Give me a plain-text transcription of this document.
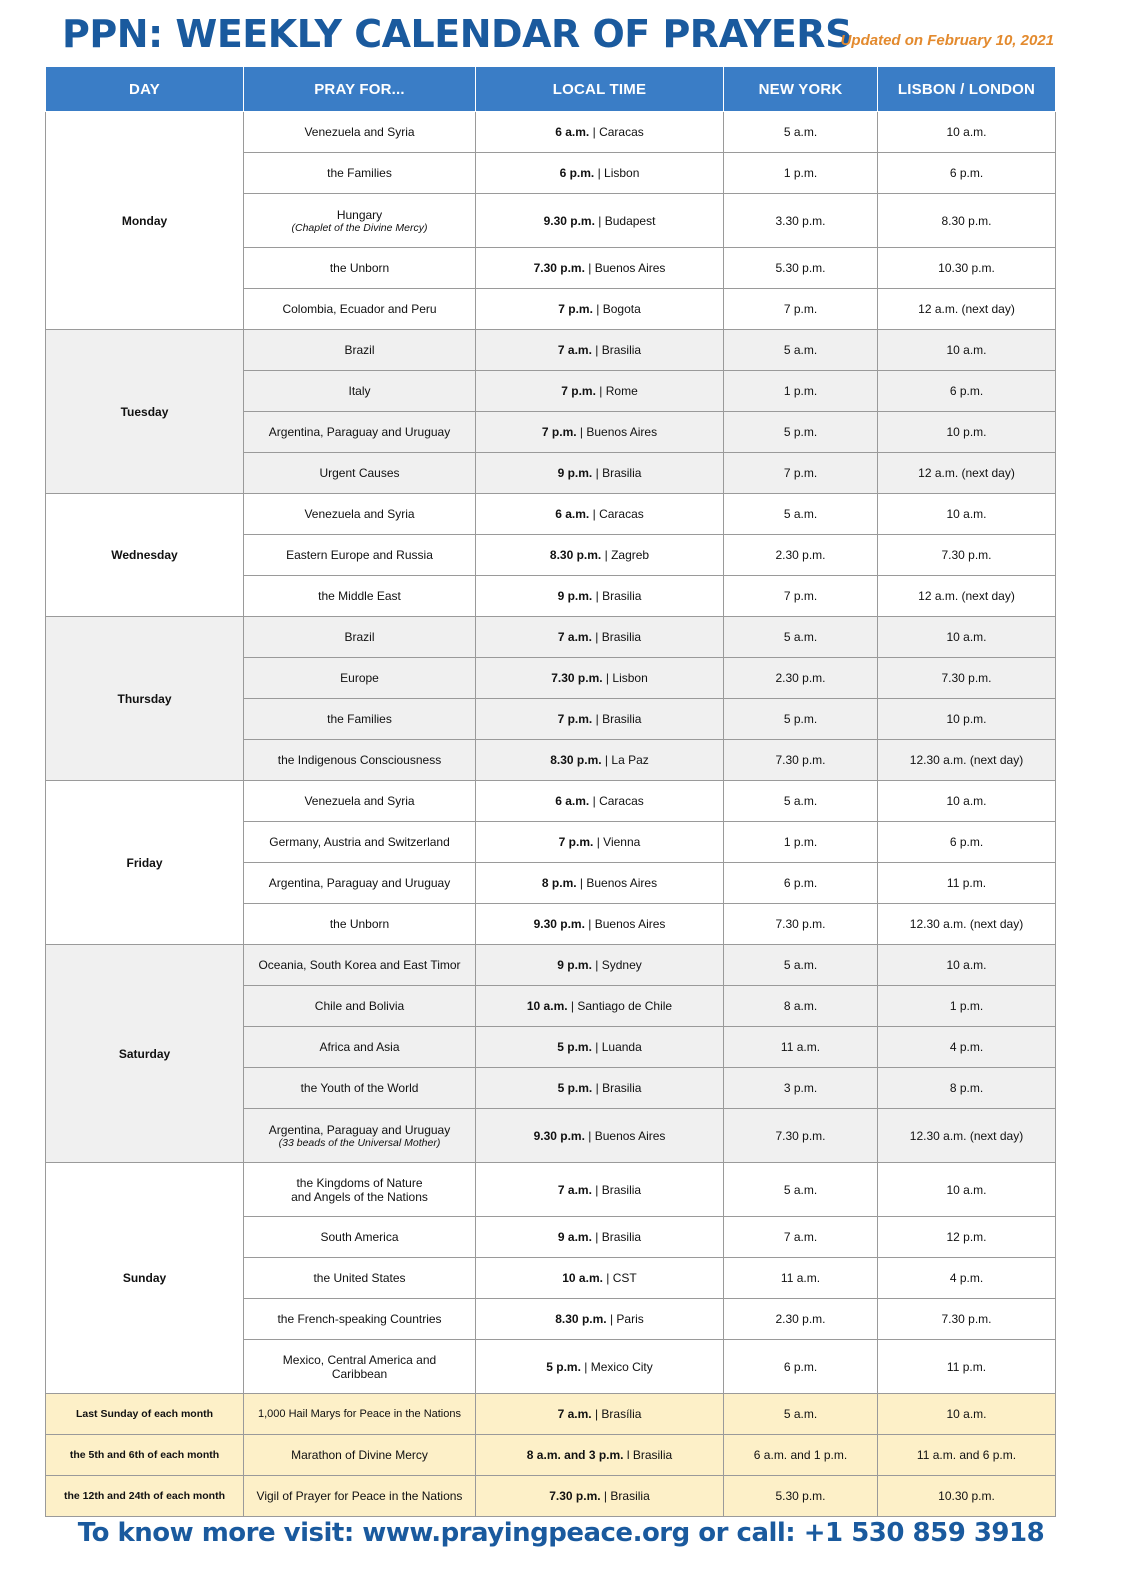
PPN: WEEKLY CALENDAR OF PRAYERS
Updated on February 10, 2021
DAY	PRAY FOR...	LOCAL TIME	NEW YORK	LISBON / LONDON
Monday	Venezuela and Syria	6 a.m. | Caracas	5 a.m.	10 a.m.
	the Families	6 p.m. | Lisbon	1 p.m.	6 p.m.
	Hungary
(Chaplet of the Divine Mercy)	9.30 p.m. | Budapest	3.30 p.m.	8.30 p.m.
	the Unborn	7.30 p.m. | Buenos Aires	5.30 p.m.	10.30 p.m.
	Colombia, Ecuador and Peru	7 p.m. | Bogota	7 p.m.	12 a.m. (next day)
Tuesday	Brazil	7 a.m. | Brasilia	5 a.m.	10 a.m.
	Italy	7 p.m. | Rome	1 p.m.	6 p.m.
	Argentina, Paraguay and Uruguay	7 p.m. | Buenos Aires	5 p.m.	10 p.m.
	Urgent Causes	9 p.m. | Brasilia	7 p.m.	12 a.m. (next day)
Wednesday	Venezuela and Syria	6 a.m. | Caracas	5 a.m.	10 a.m.
	Eastern Europe and Russia	8.30 p.m. | Zagreb	2.30 p.m.	7.30 p.m.
	the Middle East	9 p.m. | Brasilia	7 p.m.	12 a.m. (next day)
Thursday	Brazil	7 a.m. | Brasilia	5 a.m.	10 a.m.
	Europe	7.30 p.m. | Lisbon	2.30 p.m.	7.30 p.m.
	the Families	7 p.m. | Brasilia	5 p.m.	10 p.m.
	the Indigenous Consciousness	8.30 p.m. | La Paz	7.30 p.m.	12.30 a.m. (next day)
Friday	Venezuela and Syria	6 a.m. | Caracas	5 a.m.	10 a.m.
	Germany, Austria and Switzerland	7 p.m. | Vienna	1 p.m.	6 p.m.
	Argentina, Paraguay and Uruguay	8 p.m. | Buenos Aires	6 p.m.	11 p.m.
	the Unborn	9.30 p.m. | Buenos Aires	7.30 p.m.	12.30 a.m. (next day)
Saturday	Oceania, South Korea and East Timor	9 p.m. | Sydney	5 a.m.	10 a.m.
	Chile and Bolivia	10 a.m. | Santiago de Chile	8 a.m.	1 p.m.
	Africa and Asia	5 p.m. | Luanda	11 a.m.	4 p.m.
	the Youth of the World	5 p.m. | Brasilia	3 p.m.	8 p.m.
	Argentina, Paraguay and Uruguay
(33 beads of the Universal Mother)	9.30 p.m. | Buenos Aires	7.30 p.m.	12.30 a.m. (next day)
Sunday	the Kingdoms of Nature
and Angels of the Nations	7 a.m. | Brasilia	5 a.m.	10 a.m.
	South America	9 a.m. | Brasilia	7 a.m.	12 p.m.
	the United States	10 a.m. | CST	11 a.m.	4 p.m.
	the French-speaking Countries	8.30 p.m. | Paris	2.30 p.m.	7.30 p.m.
	Mexico, Central America and
Caribbean	5 p.m. | Mexico City	6 p.m.	11 p.m.
Last Sunday of each month	1,000 Hail Marys for Peace in the Nations	7 a.m. | Brasília	5 a.m.	10 a.m.
the 5th and 6th of each month	Marathon of Divine Mercy	8 a.m. and 3 p.m. l Brasilia	6 a.m. and 1 p.m.	11 a.m. and 6 p.m.
the 12th and 24th of each month	Vigil of Prayer for Peace in the Nations	7.30 p.m. | Brasilia	5.30 p.m.	10.30 p.m.
To know more visit: www.prayingpeace.org or call: +1 530 859 3918
